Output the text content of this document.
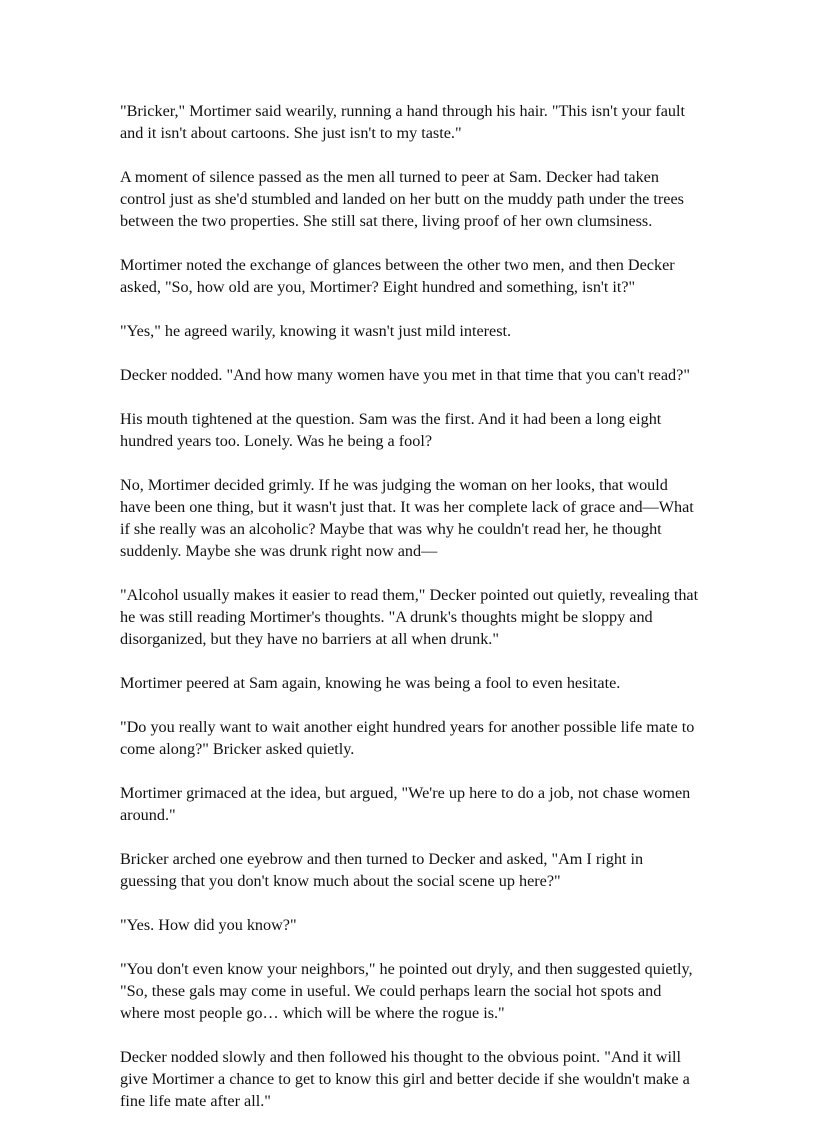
"Bricker," Mortimer said wearily, running a hand through his hair. "This isn't your fault and it isn't about cartoons. She just isn't to my taste."

A moment of silence passed as the men all turned to peer at Sam. Decker had taken control just as she'd stumbled and landed on her butt on the muddy path under the trees between the two properties. She still sat there, living proof of her own clumsiness.

Mortimer noted the exchange of glances between the other two men, and then Decker asked, "So, how old are you, Mortimer? Eight hundred and something, isn't it?"

"Yes," he agreed warily, knowing it wasn't just mild interest.

Decker nodded. "And how many women have you met in that time that you can't read?"

His mouth tightened at the question. Sam was the first. And it had been a long eight hundred years too. Lonely. Was he being a fool?

No, Mortimer decided grimly. If he was judging the woman on her looks, that would have been one thing, but it wasn't just that. It was her complete lack of grace and—What if she really was an alcoholic? Maybe that was why he couldn't read her, he thought suddenly. Maybe she was drunk right now and—

"Alcohol usually makes it easier to read them," Decker pointed out quietly, revealing that he was still reading Mortimer's thoughts. "A drunk's thoughts might be sloppy and disorganized, but they have no barriers at all when drunk."

Mortimer peered at Sam again, knowing he was being a fool to even hesitate.

"Do you really want to wait another eight hundred years for another possible life mate to come along?" Bricker asked quietly.

Mortimer grimaced at the idea, but argued, "We're up here to do a job, not chase women around."

Bricker arched one eyebrow and then turned to Decker and asked, "Am I right in guessing that you don't know much about the social scene up here?"

"Yes. How did you know?"

"You don't even know your neighbors," he pointed out dryly, and then suggested quietly, "So, these gals may come in useful. We could perhaps learn the social hot spots and where most people go… which will be where the rogue is."

Decker nodded slowly and then followed his thought to the obvious point. "And it will give Mortimer a chance to get to know this girl and better decide if she wouldn't make a fine life mate after all."
